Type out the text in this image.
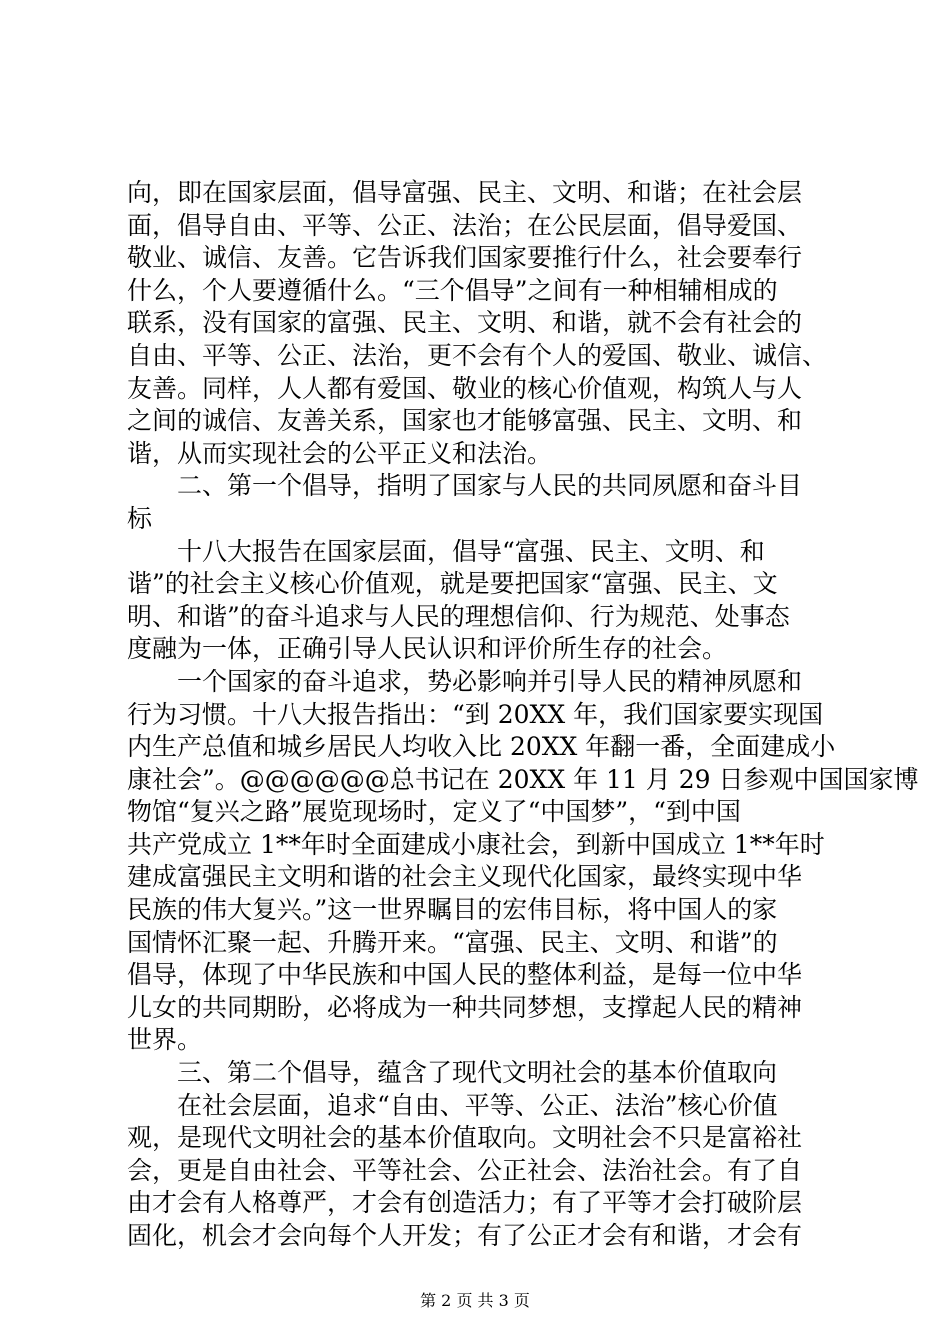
向，即在国家层面，倡导富强、民主、文明、和谐；在社会层
面，倡导自由、平等、公正、法治；在公民层面，倡导爱国、
敬业、诚信、友善。它告诉我们国家要推行什么，社会要奉行
什么，个人要遵循什么。“三个倡导”之间有一种相辅相成的
联系，没有国家的富强、民主、文明、和谐，就不会有社会的
自由、平等、公正、法治，更不会有个人的爱国、敬业、诚信、
友善。同样，人人都有爱国、敬业的核心价值观，构筑人与人
之间的诚信、友善关系，国家也才能够富强、民主、文明、和
谐，从而实现社会的公平正义和法治。
　　二、第一个倡导，指明了国家与人民的共同夙愿和奋斗目
标
　　十八大报告在国家层面，倡导“富强、民主、文明、和
谐”的社会主义核心价值观，就是要把国家“富强、民主、文
明、和谐”的奋斗追求与人民的理想信仰、行为规范、处事态
度融为一体，正确引导人民认识和评价所生存的社会。
　　一个国家的奋斗追求，势必影响并引导人民的精神夙愿和
行为习惯。十八大报告指出：“到 20XX 年，我们国家要实现国
内生产总值和城乡居民人均收入比 20XX 年翻一番，全面建成小
康社会”。@@@@@@总书记在 20XX 年 11 月 29 日参观中国国家博
物馆“复兴之路”展览现场时，定义了“中国梦”，“到中国
共产党成立 1**年时全面建成小康社会，到新中国成立 1**年时
建成富强民主文明和谐的社会主义现代化国家，最终实现中华
民族的伟大复兴。”这一世界瞩目的宏伟目标，将中国人的家
国情怀汇聚一起、升腾开来。“富强、民主、文明、和谐”的
倡导，体现了中华民族和中国人民的整体利益，是每一位中华
儿女的共同期盼，必将成为一种共同梦想，支撑起人民的精神
世界。
　　三、第二个倡导，蕴含了现代文明社会的基本价值取向
　　在社会层面，追求“自由、平等、公正、法治”核心价值
观，是现代文明社会的基本价值取向。文明社会不只是富裕社
会，更是自由社会、平等社会、公正社会、法治社会。有了自
由才会有人格尊严，才会有创造活力；有了平等才会打破阶层
固化，机会才会向每个人开发；有了公正才会有和谐，才会有
第 2 页 共 3 页
